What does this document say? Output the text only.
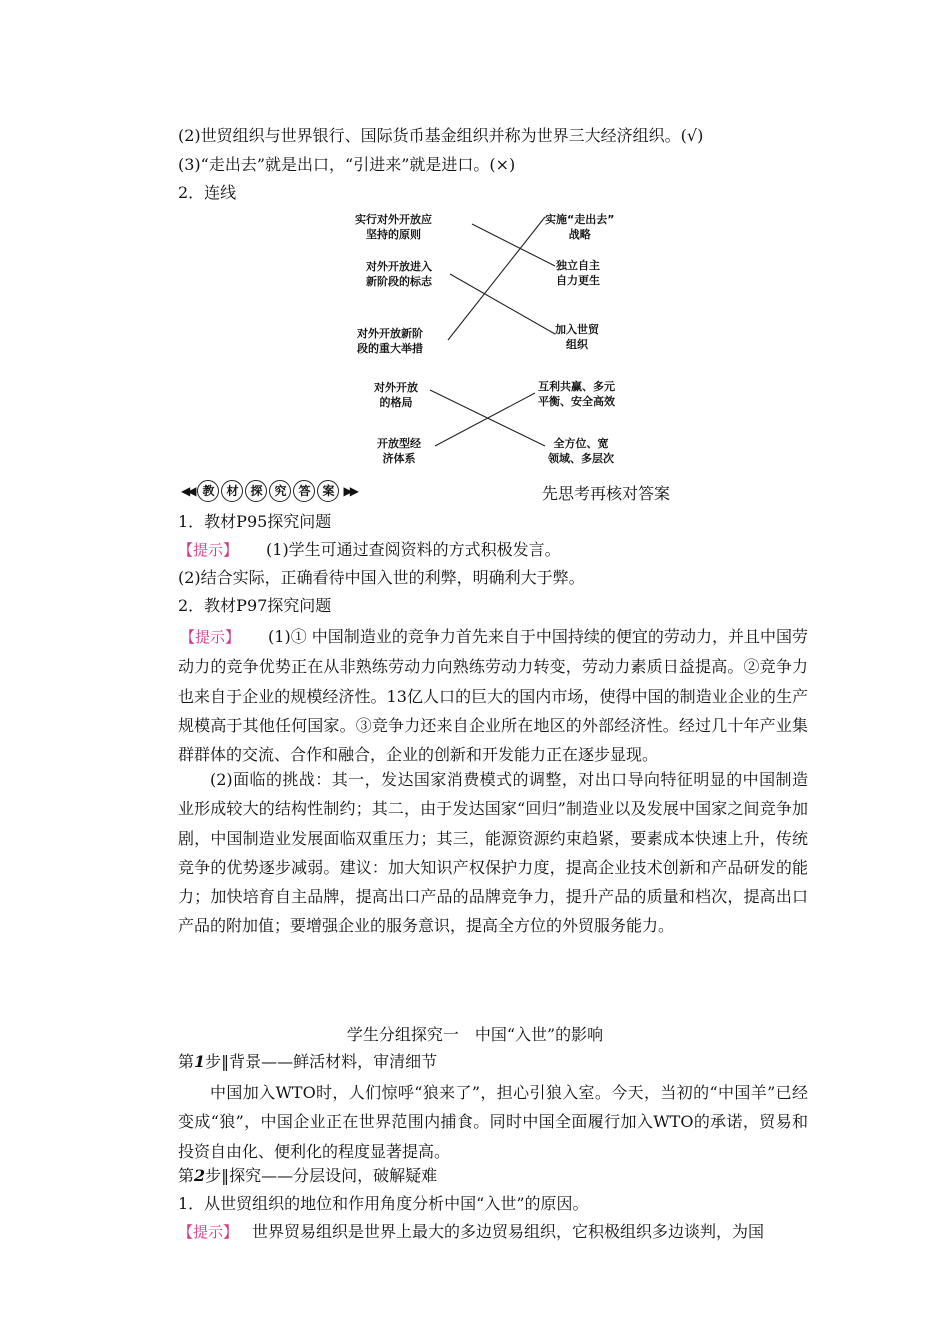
(2)世贸组织与世界银行、国际货币基金组织并称为世界三大经济组织。(√)
(3)“走出去”就是出口，“引进来”就是进口。(×)
2．连线
实行对外开放应
坚持的原则
对外开放进入
新阶段的标志
对外开放新阶
段的重大举措
实施“走出去”
战略
独立自主
自力更生
加入世贸
组织
对外开放
的格局
开放型经
济体系
互利共赢、多元
平衡、安全高效
全方位、宽
领域、多层次
◀◀ 教 材 探 究 答 案 ▶▶	先思考再核对答案
1．教材P95探究问题
【提示】 (1)学生可通过查阅资料的方式积极发言。
(2)结合实际，正确看待中国入世的利弊，明确利大于弊。
2．教材P97探究问题
【提示】 (1)① 中国制造业的竞争力首先来自于中国持续的便宜的劳动力，并且中国劳动力的竞争优势正在从非熟练劳动力向熟练劳动力转变，劳动力素质日益提高。②竞争力也来自于企业的规模经济性。13亿人口的巨大的国内市场，使得中国的制造业企业的生产规模高于其他任何国家。③竞争力还来自企业所在地区的外部经济性。经过几十年产业集群群体的交流、合作和融合，企业的创新和开发能力正在逐步显现。
(2)面临的挑战：其一，发达国家消费模式的调整，对出口导向特征明显的中国制造业形成较大的结构性制约；其二，由于发达国家“回归”制造业以及发展中国家之间竞争加剧，中国制造业发展面临双重压力；其三，能源资源约束趋紧，要素成本快速上升，传统竞争的优势逐步减弱。建议：加大知识产权保护力度，提高企业技术创新和产品研发的能力；加快培育自主品牌，提高出口产品的品牌竞争力，提升产品的质量和档次，提高出口产品的附加值；要增强企业的服务意识，提高全方位的外贸服务能力。
学生分组探究一　中国“入世”的影响
第1步‖背景——鲜活材料，审清细节
中国加入WTO时，人们惊呼“狼来了”，担心引狼入室。今天，当初的“中国羊”已经变成“狼”，中国企业正在世界范围内捕食。同时中国全面履行加入WTO的承诺，贸易和投资自由化、便利化的程度显著提高。
第2步‖探究——分层设问，破解疑难
1．从世贸组织的地位和作用角度分析中国“入世”的原因。
【提示】 世界贸易组织是世界上最大的多边贸易组织，它积极组织多边谈判，为国
